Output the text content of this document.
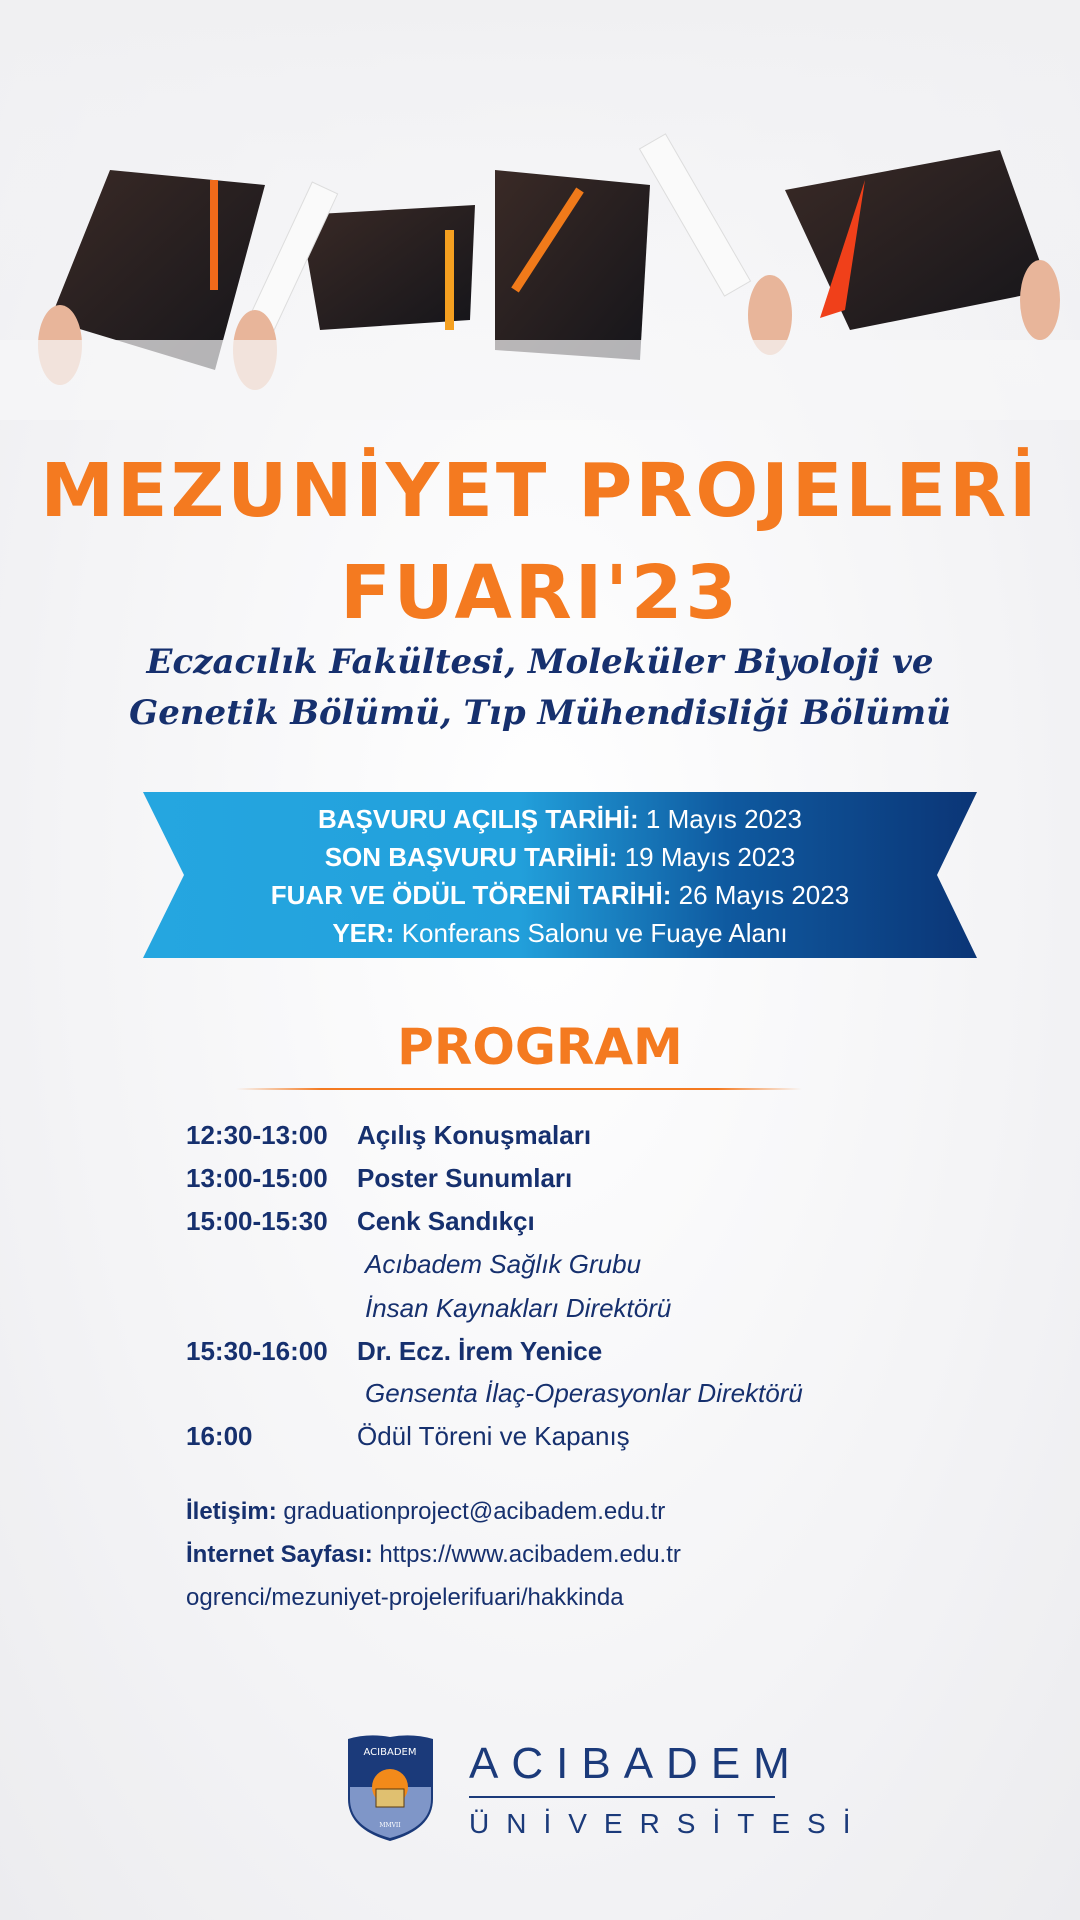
MEZUNİYET PROJELERİ
FUARI'23
Eczacılık Fakültesi, Moleküler Biyoloji ve
Genetik Bölümü, Tıp Mühendisliği Bölümü
BAŞVURU AÇILIŞ TARİHİ: 1 Mayıs 2023
SON BAŞVURU TARİHİ: 19 Mayıs 2023
FUAR VE ÖDÜL TÖRENİ TARİHİ: 26 Mayıs 2023
YER: Konferans Salonu ve Fuaye Alanı
PROGRAM
12:30-13:00 Açılış Konuşmaları
13:00-15:00 Poster Sunumları
15:00-15:30 Cenk Sandıkçı
Acıbadem Sağlık Grubu
İnsan Kaynakları Direktörü
15:30-16:00 Dr. Ecz. İrem Yenice
Gensenta İlaç-Operasyonlar Direktörü
16:00	Ödül Töreni ve Kapanış
İletişim: graduationproject@acibadem.edu.tr
İnternet Sayfası: https://www.acibadem.edu.tr
ogrenci/mezuniyet-projelerifuari/hakkinda
ACIBADEM
MMVII
ACIBADEM
ÜNİVERSİTESİ
